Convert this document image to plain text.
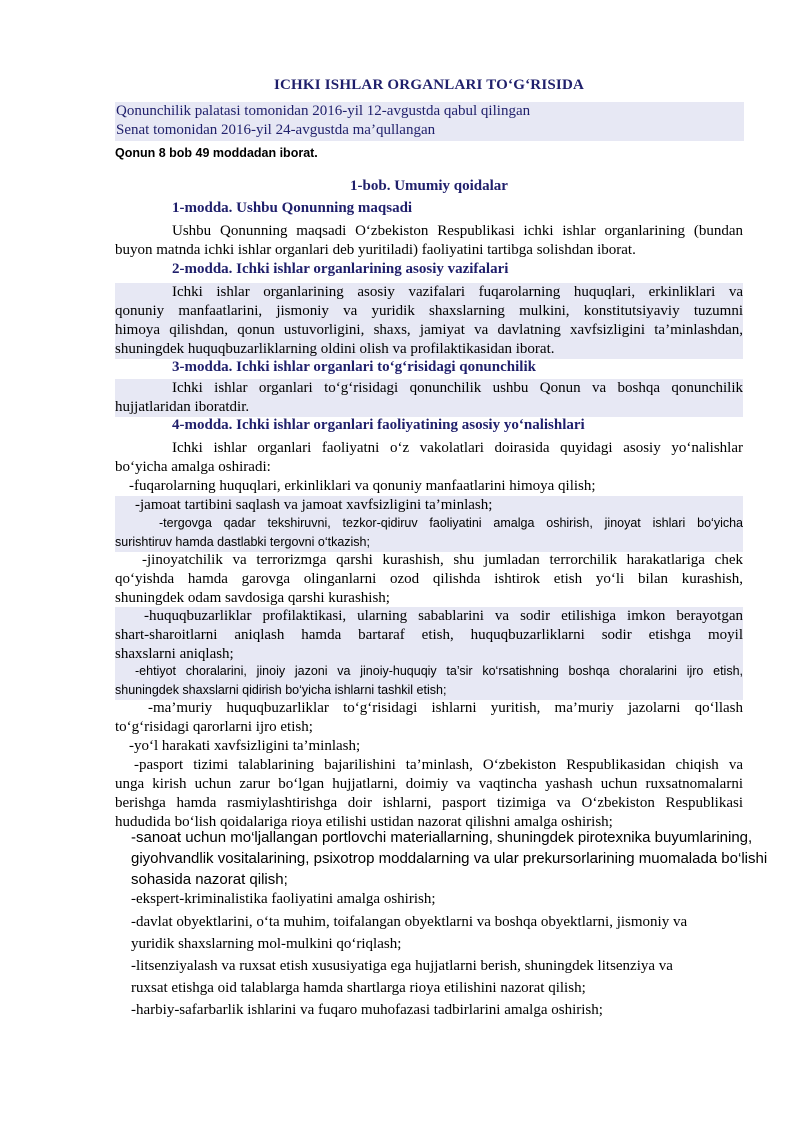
ICHKI ISHLAR ORGANLARI TO‘G‘RISIDA
Qonunchilik palatasi tomonidan 2016-yil 12-avgustda qabul qilingan
Senat tomonidan 2016-yil 24-avgustda ma’qullangan
Qonun 8 bob 49 moddadan iborat.
1-bob. Umumiy qoidalar
1-modda. Ushbu Qonunning maqsadi
Ushbu Qonunning maqsadi O‘zbekiston Respublikasi ichki ishlar organlarining (bundan
buyon matnda ichki ishlar organlari deb yuritiladi) faoliyatini tartibga solishdan iborat.
2-modda. Ichki ishlar organlarining asosiy vazifalari
Ichki ishlar organlarining asosiy vazifalari fuqarolarning huquqlari, erkinliklari va
qonuniy manfaatlarini, jismoniy va yuridik shaxslarning mulkini, konstitutsiyaviy tuzumni
himoya qilishdan, qonun ustuvorligini, shaxs, jamiyat va davlatning xavfsizligini ta’minlashdan,
shuningdek huquqbuzarliklarning oldini olish va profilaktikasidan iborat.
3-modda. Ichki ishlar organlari to‘g‘risidagi qonunchilik
Ichki ishlar organlari to‘g‘risidagi qonunchilik ushbu Qonun va boshqa qonunchilik
hujjatlaridan iboratdir.
4-modda. Ichki ishlar organlari faoliyatining asosiy yo‘nalishlari
Ichki ishlar organlari faoliyatni o‘z vakolatlari doirasida quyidagi asosiy yo‘nalishlar
bo‘yicha amalga oshiradi:
-fuqarolarning huquqlari, erkinliklari va qonuniy manfaatlarini himoya qilish;
-jamoat tartibini saqlash va jamoat xavfsizligini ta’minlash;
-tergovga qadar tekshiruvni, tezkor-qidiruv faoliyatini amalga oshirish, jinoyat ishlari bo‘yicha
surishtiruv hamda dastlabki tergovni o‘tkazish;
-jinoyatchilik va terrorizmga qarshi kurashish, shu jumladan terrorchilik harakatlariga chek
qo‘yishda hamda garovga olinganlarni ozod qilishda ishtirok etish yo‘li bilan kurashish,
shuningdek odam savdosiga qarshi kurashish;
-huquqbuzarliklar profilaktikasi, ularning sabablarini va sodir etilishiga imkon berayotgan
shart-sharoitlarni aniqlash hamda bartaraf etish, huquqbuzarliklarni sodir etishga moyil
shaxslarni aniqlash;
-ehtiyot choralarini, jinoiy jazoni va jinoiy-huquqiy ta’sir ko‘rsatishning boshqa choralarini ijro etish,
shuningdek shaxslarni qidirish bo‘yicha ishlarni tashkil etish;
-ma’muriy huquqbuzarliklar to‘g‘risidagi ishlarni yuritish, ma’muriy jazolarni qo‘llash
to‘g‘risidagi qarorlarni ijro etish;
-yo‘l harakati xavfsizligini ta’minlash;
-pasport tizimi talablarining bajarilishini ta’minlash, O‘zbekiston Respublikasidan chiqish va
unga kirish uchun zarur bo‘lgan hujjatlarni, doimiy va vaqtincha yashash uchun ruxsatnomalarni
berishga hamda rasmiylashtirishga doir ishlarni, pasport tizimiga va O‘zbekiston Respublikasi
hududida bo‘lish qoidalariga rioya etilishi ustidan nazorat qilishni amalga oshirish;
-sanoat uchun mo‘ljallangan portlovchi materiallarning, shuningdek pirotexnika buyumlarining,
giyohvandlik vositalarining, psixotrop moddalarning va ular prekursorlarining muomalada bo‘lishi
sohasida nazorat qilish;
-ekspert-kriminalistika faoliyatini amalga oshirish;
-davlat obyektlarini, o‘ta muhim, toifalangan obyektlarni va boshqa obyektlarni, jismoniy va
yuridik shaxslarning mol-mulkini qo‘riqlash;
-litsenziyalash va ruxsat etish xususiyatiga ega hujjatlarni berish, shuningdek litsenziya va
ruxsat etishga oid talablarga hamda shartlarga rioya etilishini nazorat qilish;
-harbiy-safarbarlik ishlarini va fuqaro muhofazasi tadbirlarini amalga oshirish;
